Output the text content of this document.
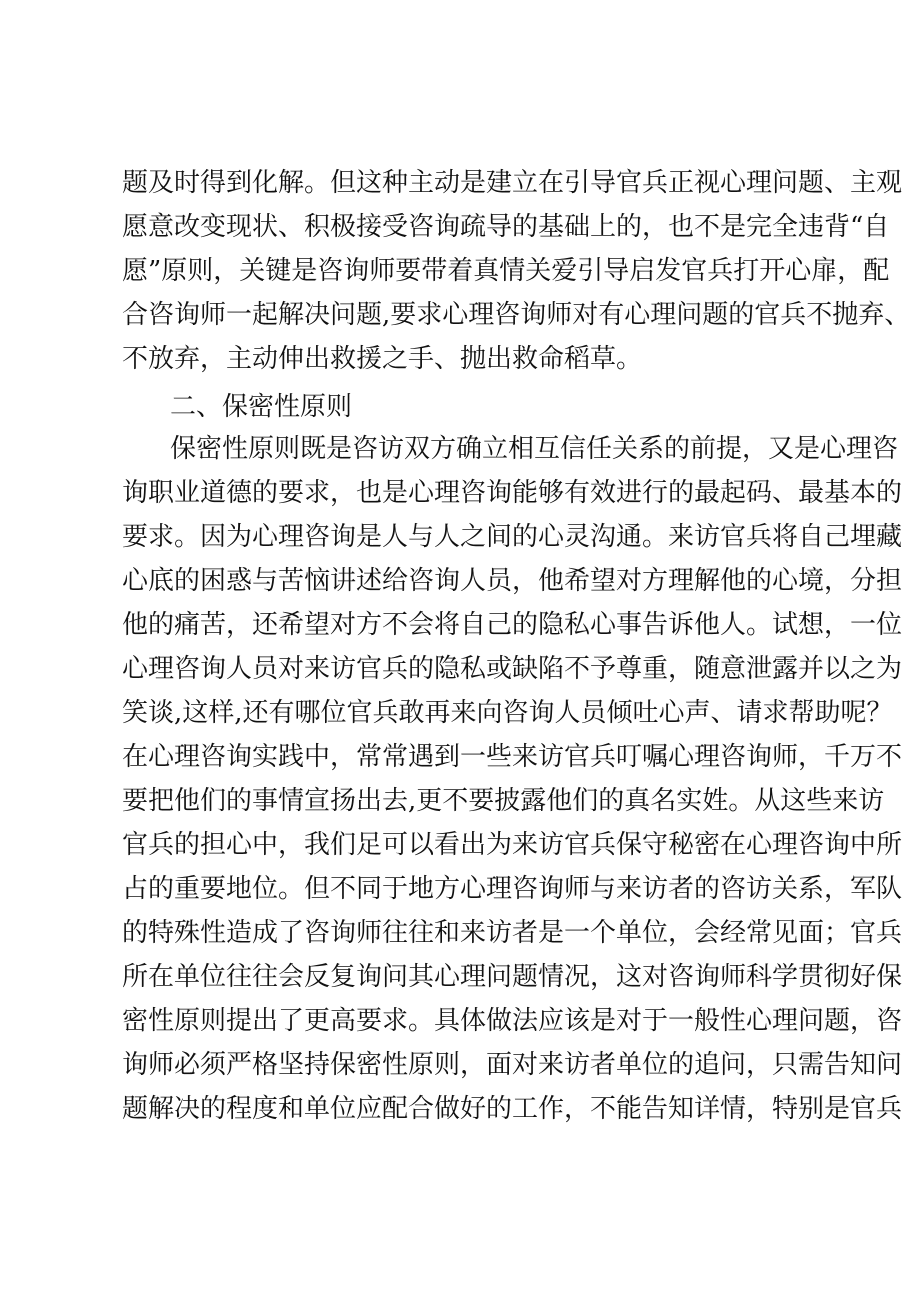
题及时得到化解。但这种主动是建立在引导官兵正视心理问题、主观
愿意改变现状、积极接受咨询疏导的基础上的，也不是完全违背“自
愿”原则，关键是咨询师要带着真情关爱引导启发官兵打开心扉，配
合咨询师一起解决问题,要求心理咨询师对有心理问题的官兵不抛弃、
不放弃，主动伸出救援之手、抛出救命稻草。
二、保密性原则
保密性原则既是咨访双方确立相互信任关系的前提，又是心理咨
询职业道德的要求，也是心理咨询能够有效进行的最起码、最基本的
要求。因为心理咨询是人与人之间的心灵沟通。来访官兵将自己埋藏
心底的困惑与苦恼讲述给咨询人员，他希望对方理解他的心境，分担
他的痛苦，还希望对方不会将自己的隐私心事告诉他人。试想，一位
心理咨询人员对来访官兵的隐私或缺陷不予尊重，随意泄露并以之为
笑谈,这样,还有哪位官兵敢再来向咨询人员倾吐心声、请求帮助呢？
在心理咨询实践中，常常遇到一些来访官兵叮嘱心理咨询师，千万不
要把他们的事情宣扬出去,更不要披露他们的真名实姓。从这些来访
官兵的担心中，我们足可以看出为来访官兵保守秘密在心理咨询中所
占的重要地位。但不同于地方心理咨询师与来访者的咨访关系，军队
的特殊性造成了咨询师往往和来访者是一个单位，会经常见面；官兵
所在单位往往会反复询问其心理问题情况，这对咨询师科学贯彻好保
密性原则提出了更高要求。具体做法应该是对于一般性心理问题，咨
询师必须严格坚持保密性原则，面对来访者单位的追问，只需告知问
题解决的程度和单位应配合做好的工作，不能告知详情，特别是官兵
